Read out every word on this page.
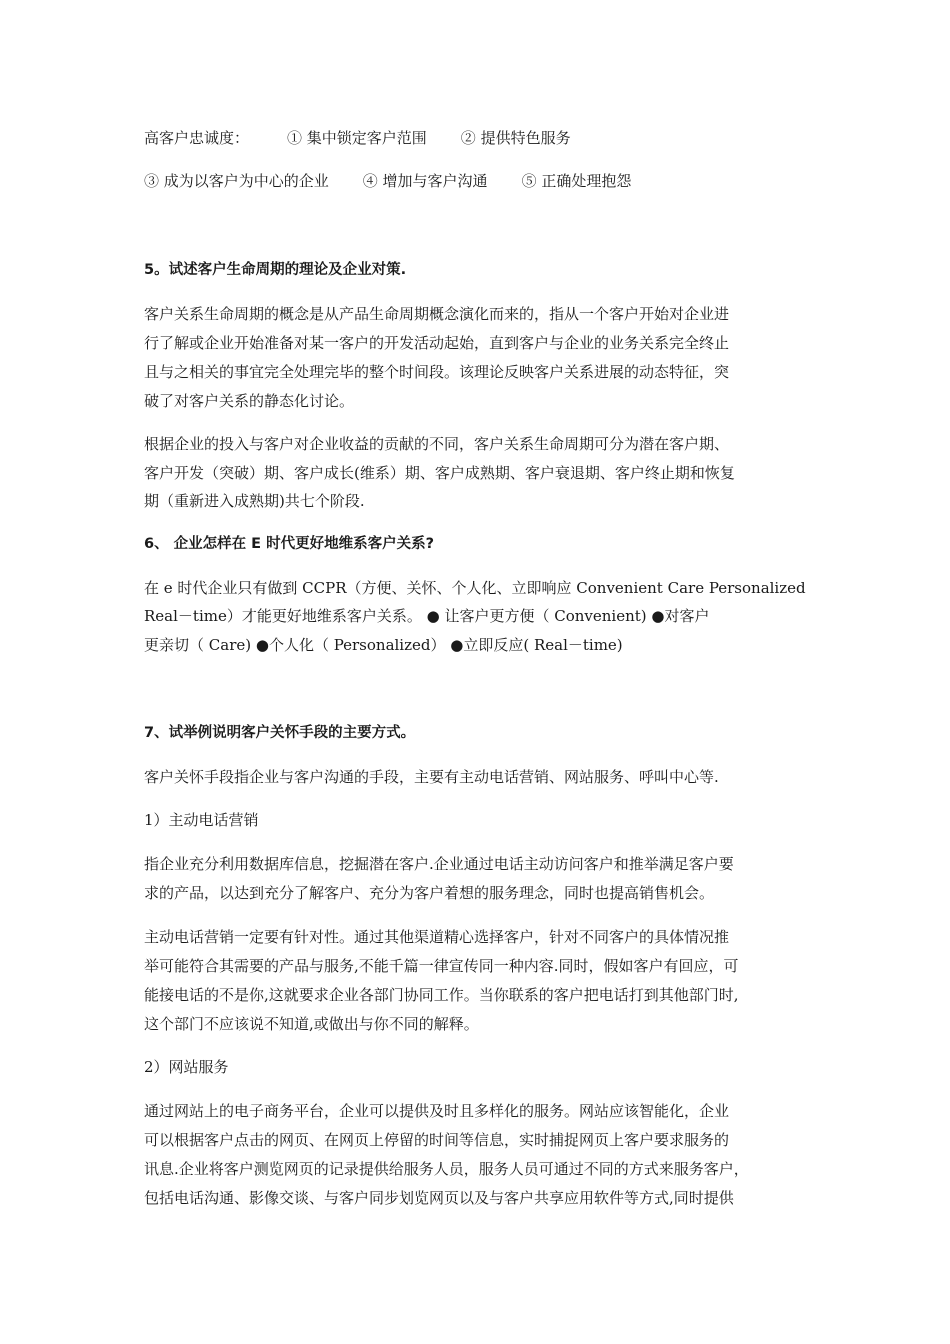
高客户忠诚度：	① 集中锁定客户范围 ② 提供特色服务
③ 成为以客户为中心的企业 ④ 增加与客户沟通 ⑤ 正确处理抱怨
5。试述客户生命周期的理论及企业对策.
客户关系生命周期的概念是从产品生命周期概念演化而来的，指从一个客户开始对企业进
行了解或企业开始准备对某一客户的开发活动起始，直到客户与企业的业务关系完全终止
且与之相关的事宜完全处理完毕的整个时间段。该理论反映客户关系进展的动态特征，突
破了对客户关系的静态化讨论。
根据企业的投入与客户对企业收益的贡献的不同，客户关系生命周期可分为潜在客户期、
客户开发（突破）期、客户成长(维系）期、客户成熟期、客户衰退期、客户终止期和恢复
期（重新进入成熟期)共七个阶段.
6、 企业怎样在 E 时代更好地维系客户关系?
在 e 时代企业只有做到 CCPR（方便、关怀、个人化、立即响应 Convenient Care Personalized
Real－time）才能更好地维系客户关系。 ● 让客户更方便（ Convenient) ●对客户
更亲切（ Care) ●个人化（ Personalized） ●立即反应( Real－time)
7、试举例说明客户关怀手段的主要方式。
客户关怀手段指企业与客户沟通的手段，主要有主动电话营销、网站服务、呼叫中心等.
1）主动电话营销
指企业充分利用数据库信息，挖掘潜在客户.企业通过电话主动访问客户和推举满足客户要
求的产品，以达到充分了解客户、充分为客户着想的服务理念，同时也提高销售机会。
主动电话营销一定要有针对性。通过其他渠道精心选择客户，针对不同客户的具体情况推
举可能符合其需要的产品与服务,不能千篇一律宣传同一种内容.同时，假如客户有回应，可
能接电话的不是你,这就要求企业各部门协同工作。当你联系的客户把电话打到其他部门时,
这个部门不应该说不知道,或做出与你不同的解释。
2）网站服务
通过网站上的电子商务平台，企业可以提供及时且多样化的服务。网站应该智能化，企业
可以根据客户点击的网页、在网页上停留的时间等信息，实时捕捉网页上客户要求服务的
讯息.企业将客户测览网页的记录提供给服务人员，服务人员可通过不同的方式来服务客户，
包括电话沟通、影像交谈、与客户同步划览网页以及与客户共享应用软件等方式,同时提供
